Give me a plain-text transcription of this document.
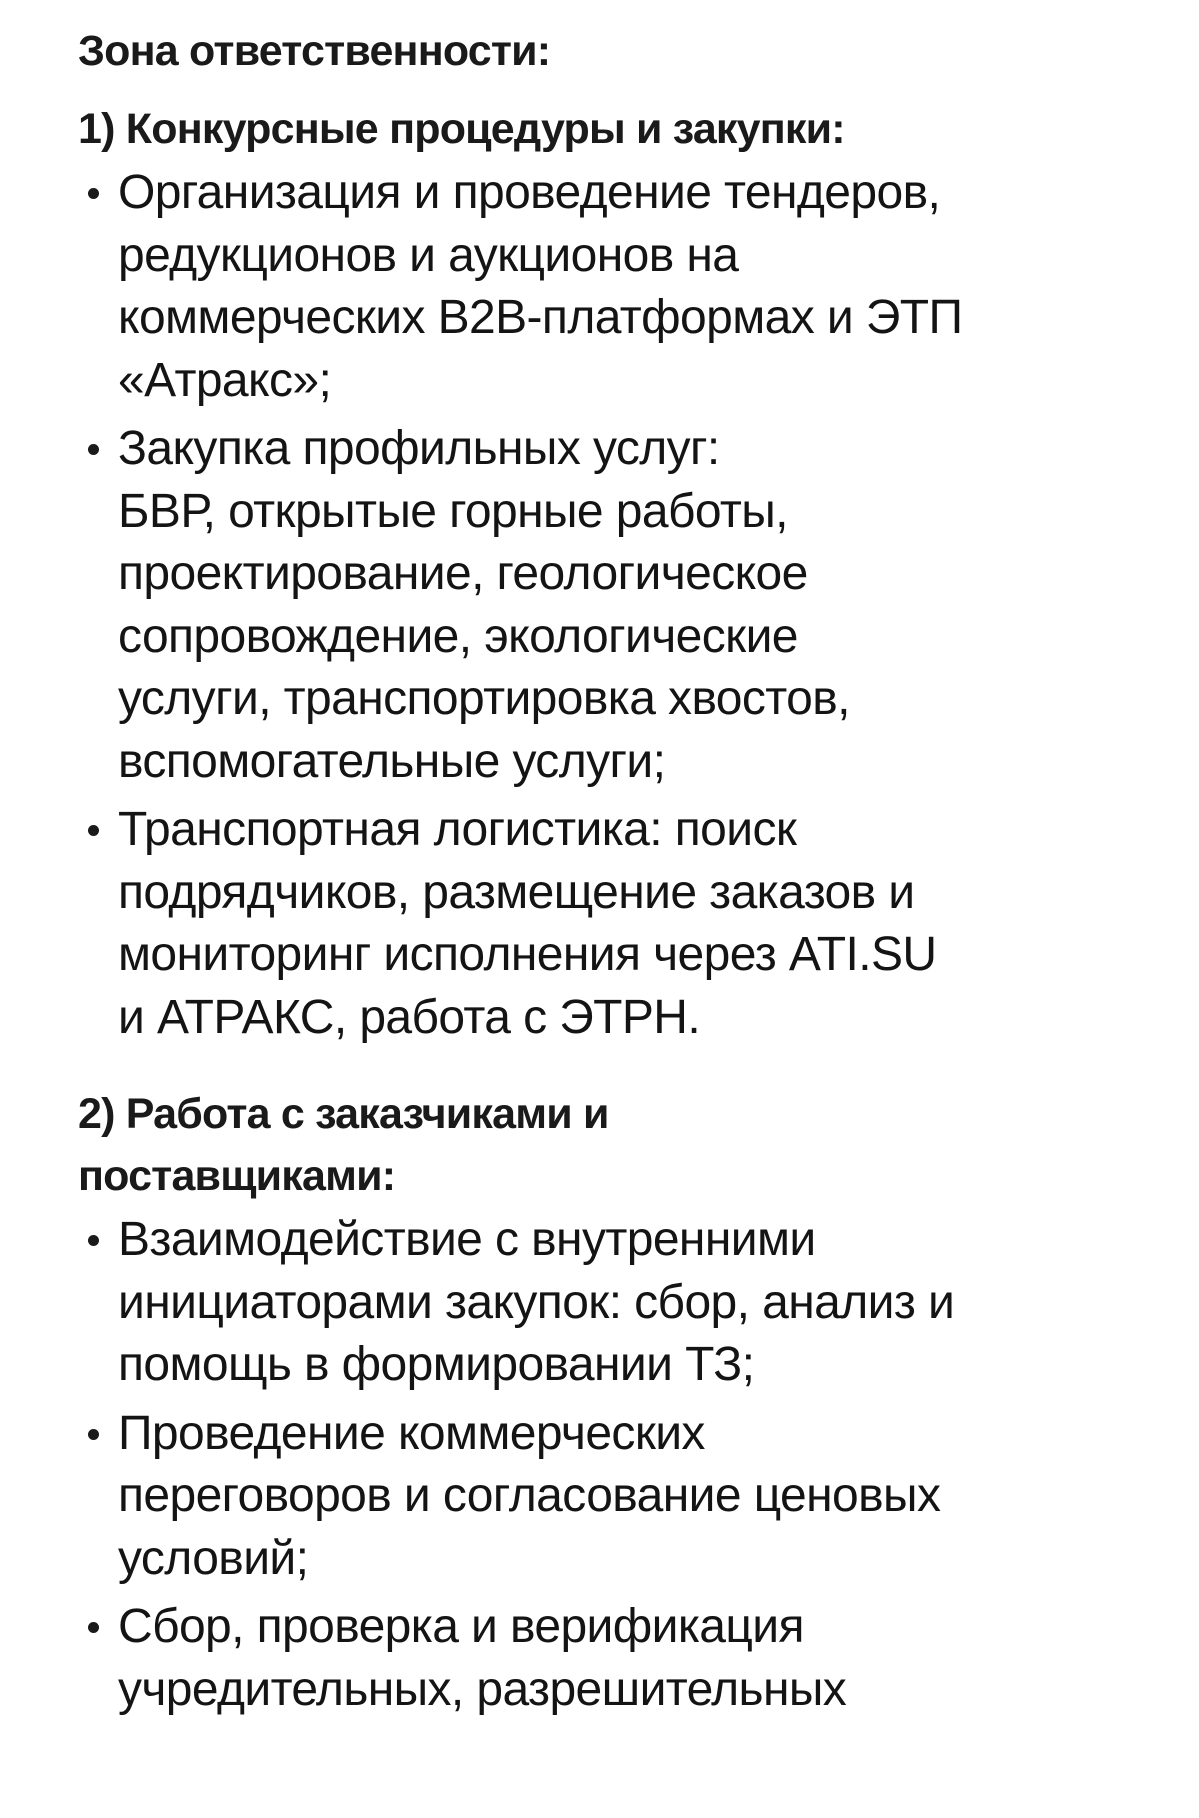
Зона ответственности:
1) Конкурсные процедуры и закупки:
Организация и проведение тендеров,
редукционов и аукционов на
коммерческих B2B-платформах и ЭТП
«Атракс»;
Закупка профильных услуг:
БВР, открытые горные работы,
проектирование, геологическое
сопровождение, экологические
услуги, транспортировка хвостов,
вспомогательные услуги;
Транспортная логистика: поиск
подрядчиков, размещение заказов и
мониторинг исполнения через ATI.SU
и АТРАКС, работа с ЭТРН.
2) Работа с заказчиками и
поставщиками:
Взаимодействие с внутренними
инициаторами закупок: сбор, анализ и
помощь в формировании ТЗ;
Проведение коммерческих
переговоров и согласование ценовых
условий;
Сбор, проверка и верификация
учредительных, разрешительных
